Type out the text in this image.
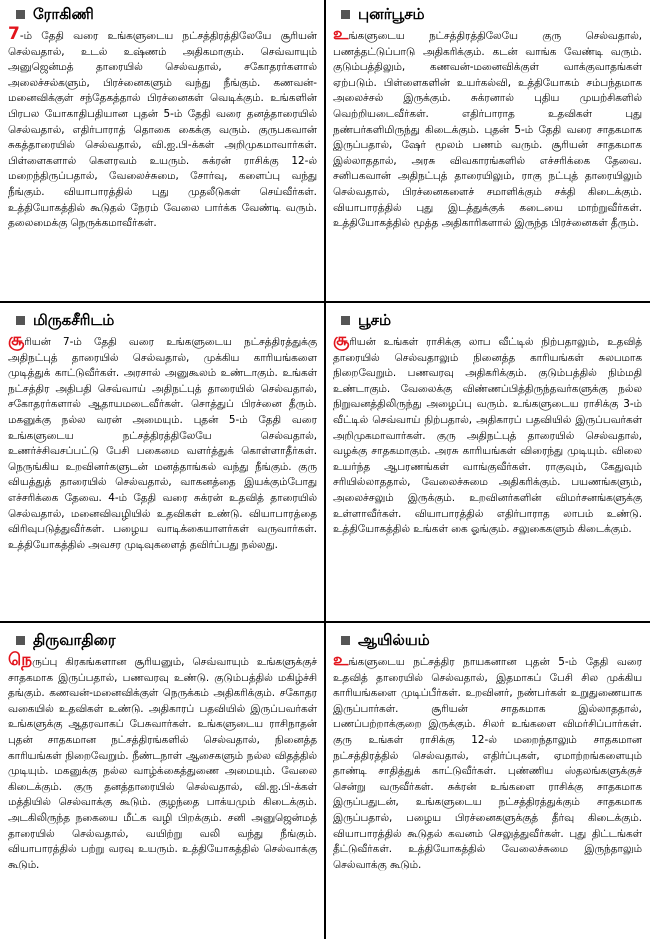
ரோகிணி
7-ம் தேதி வரை உங்களுடைய நட்சத்திரத்திலேயே சூரியன் செல்வதால், உடல் உஷ்ணம் அதிகமாகும். செவ்வாயும் அனுஜென்மத் தாரையில் செல்வதால், சகோதரர்களால் அலைச்சல்களும், பிரச்னைகளும் வந்து நீங்கும். கணவன்-மனைவிக்குள் சந்தேகத்தால் பிரச்னைகள் வெடிக்கும். உங்களின் பிரபல யோகாதிபதியான புதன் 5-ம் தேதி வரை தனத்தாரையில் செல்வதால், எதிர்பாராத் தொகை கைக்கு வரும். குருபகவான் சுகத்தாரையில் செல்வதால், வி.ஐ.பி-க்கள் அறிமுகமாவார்கள். பிள்ளைகளால் கௌரவம் உயரும். சுக்ரன் ராசிக்கு 12-ல் மறைந்திருப்பதால், வேலைச்சுமை, சோர்வு, களைப்பு வந்து நீங்கும். வியாபாரத்தில் புது முதலீடுகள் செய்வீர்கள். உத்தியோகத்தில் கூடுதல் நேரம் வேலை பார்க்க வேண்டி வரும். தலைமைக்கு நெருக்கமாவீர்கள்.
மிருகசீரிடம்
சூரியன் 7-ம் தேதி வரை உங்களுடைய நட்சத்திரத்துக்கு அதிநட்புத் தாரையில் செல்வதால், முக்கிய காரியங்களை முடித்துக் காட்டுவீர்கள். அரசால் அனுகூலம் உண்டாகும். உங்கள் நட்சத்திர அதிபதி செவ்வாய் அதிநட்புத் தாரையில் செல்வதால், சகோதரர்களால் ஆதாயமடைவீர்கள். சொத்துப் பிரச்னை தீரும். மகனுக்கு நல்ல வரன் அமையும். புதன் 5-ம் தேதி வரை உங்களுடைய நட்சத்திரத்திலேயே செல்வதால், உணர்ச்சிவசப்பட்டு பேசி பகைமை வளர்த்துக் கொள்ளாதீர்கள். நெருங்கிய உறவினர்களுடன் மனத்தாங்கல் வந்து நீங்கும். குரு வியத்துத் தாரையில் செல்வதால், வாகனத்தை இயக்கும்போது எச்சரிக்கை தேவை. 4-ம் தேதி வரை சுக்ரன் உதவித் தாரையில் செல்வதால், மனைவிவழியில் உதவிகள் உண்டு. வியாபாரத்தை விரிவுபடுத்துவீர்கள். பழைய வாடிக்கையாளர்கள் வருவார்கள். உத்தியோகத்தில் அவசர முடிவுகளைத் தவிர்ப்பது நல்லது.
திருவாதிரை
நெருப்பு கிரகங்களான சூரியனும், செவ்வாயும் உங்களுக்குச் சாதகமாக இருப்பதால், பணவரவு உண்டு. குடும்பத்தில் மகிழ்ச்சி தங்கும். கணவன்-மனைவிக்குள் நெருக்கம் அதிகரிக்கும். சகோதர வகையில் உதவிகள் உண்டு. அதிகாரப் பதவியில் இருப்பவர்கள் உங்களுக்கு ஆதரவாகப் பேசுவார்கள். உங்களுடைய ராசிநாதன் புதன் சாதகமான நட்சத்திரங்களில் செல்வதால், நினைத்த காரியங்கள் நிறைவேறும். நீண்டநாள் ஆசைகளும் நல்ல விதத்தில் முடியும். மகனுக்கு நல்ல வாழ்க்கைத்துணை அமையும். வேலை கிடைக்கும். குரு தனத்தாரையில் செல்வதால், வி.ஐ.பி-க்கள் மத்தியில் செல்வாக்கு கூடும். குழந்தை பாக்யமும் கிடைக்கும். அடகிலிருந்த நகையை மீட்க வழி பிறக்கும். சனி அனுஜென்மத் தாரையில் செல்வதால், வயிற்று வலி வந்து நீங்கும். வியாபாரத்தில் பற்று வரவு உயரும். உத்தியோகத்தில் செல்வாக்கு கூடும்.
புனர்பூசம்
உங்களுடைய நட்சத்திரத்திலேயே குரு செல்வதால், பணத்தட்டுப்பாடு அதிகரிக்கும். கடன் வாங்க வேண்டி வரும். குடும்பத்திலும், கணவன்-மனைவிக்குள் வாக்குவாதங்கள் ஏற்படும். பிள்ளைகளின் உயர்கல்வி, உத்தியோகம் சம்பந்தமாக அலைச்சல் இருக்கும். சுக்ரனால் புதிய முயற்சிகளில் வெற்றியடைவீர்கள். எதிர்பாராத உதவிகள் புது நண்பர்களிமிருந்து கிடைக்கும். புதன் 5-ம் தேதி வரை சாதகமாக இருப்பதால், ஷேர் மூலம் பணம் வரும். சூரியன் சாதகமாக இல்லாததால், அரசு விவகாரங்களில் எச்சரிக்கை தேவை. சனிபகவான் அதிநட்புத் தாரையிலும், ராகு நட்புத் தாரையிலும் செல்வதால், பிரச்னைகளைச் சமாளிக்கும் சக்தி கிடைக்கும். வியாபாரத்தில் புது இடத்துக்குக் கடையை மாற்றுவீர்கள். உத்தியோகத்தில் மூத்த அதிகாரிகளால் இருந்த பிரச்னைகள் தீரும்.
பூசம்
சூரியன் உங்கள் ராசிக்கு லாப வீட்டில் நிற்பதாலும், உதவித் தாரையில் செல்வதாலும் நினைத்த காரியங்கள் சுலபமாக நிறைவேறும். பணவரவு அதிகரிக்கும். குடும்பத்தில் நிம்மதி உண்டாகும். வேலைக்கு விண்ணப்பித்திருந்தவர்களுக்கு நல்ல நிறுவனத்திலிருந்து அழைப்பு வரும். உங்களுடைய ராசிக்கு 3-ம் வீட்டில் செவ்வாய் நிற்பதால், அதிகாரப் பதவியில் இருப்பவர்கள் அறிமுகமாவார்கள். குரு அதிநட்புத் தாரையில் செல்வதால், வழக்கு சாதகமாகும். அரசு காரியங்கள் விரைந்து முடியும். விலை உயர்ந்த ஆபரணங்கள் வாங்குவீர்கள். ராகுவும், கேதுவும் சரியில்லாததால், வேலைச்சுமை அதிகரிக்கும். பயணங்களும், அலைச்சலும் இருக்கும். உறவினர்களின் விமர்சனங்களுக்கு உள்ளாவீர்கள். வியாபாரத்தில் எதிர்பாராத லாபம் உண்டு. உத்தியோகத்தில் உங்கள் கை ஓங்கும். சலுகைகளும் கிடைக்கும்.
ஆயில்யம்
உங்களுடைய நட்சத்திர நாயகனான புதன் 5-ம் தேதி வரை உதவித் தாரையில் செல்வதால், இதமாகப் பேசி சில முக்கிய காரியங்களை முடிப்பீர்கள். உறவினர், நண்பர்கள் உறுதுணையாக இருப்பார்கள். சூரியன் சாதகமாக இல்லாததால், பணப்பற்றாக்குறை இருக்கும். சிலர் உங்களை விமர்சிப்பார்கள். குரு உங்கள் ராசிக்கு 12-ல் மறைந்தாலும் சாதகமான நட்சத்திரத்தில் செல்வதால், எதிர்ப்புகள், ஏமாற்றங்களையும் தாண்டி சாதித்துக் காட்டுவீர்கள். புண்ணிய ஸ்தலங்களுக்குச் சென்று வருவீர்கள். சுக்ரன் உங்களை ராசிக்கு சாதகமாக இருப்பதுடன், உங்களுடைய நட்சத்திரத்துக்கும் சாதகமாக இருப்பதால், பழைய பிரச்னைகளுக்குத் தீர்வு கிடைக்கும். வியாபாரத்தில் கூடுதல் கவனம் செலுத்துவீர்கள். புது திட்டங்கள் தீட்டுவீர்கள். உத்தியோகத்தில் வேலைச்சுமை இருந்தாலும் செல்வாக்கு கூடும்.
